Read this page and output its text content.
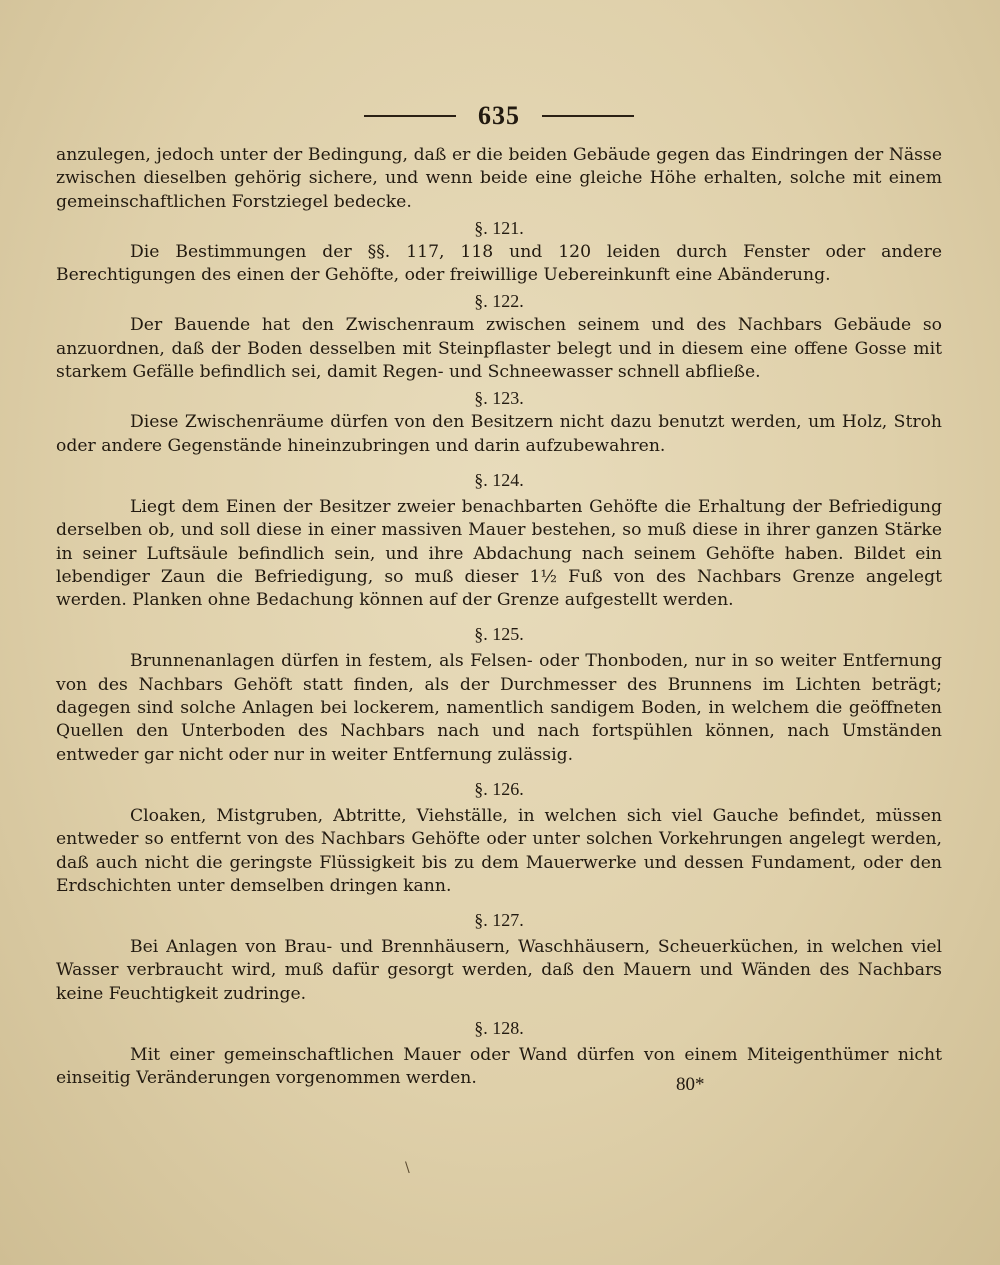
635

anzulegen, jedoch unter der Bedingung, daß er die beiden Gebäude gegen das Eindringen der Nässe zwischen dieselben gehörig sichere, und wenn beide eine gleiche Höhe erhalten, solche mit einem gemeinschaftlichen Forstziegel bedecke.

§. 121.

Die Bestimmungen der §§. 117, 118 und 120 leiden durch Fenster oder andere Berechtigungen des einen der Gehöfte, oder freiwillige Uebereinkunft eine Abänderung.

§. 122.

Der Bauende hat den Zwischenraum zwischen seinem und des Nachbars Gebäude so anzuordnen, daß der Boden desselben mit Steinpflaster belegt und in diesem eine offene Gosse mit starkem Gefälle befindlich sei, damit Regen- und Schneewasser schnell abfließe.

§. 123.

Diese Zwischenräume dürfen von den Besitzern nicht dazu benutzt werden, um Holz, Stroh oder andere Gegenstände hineinzubringen und darin aufzubewahren.

§. 124.

Liegt dem Einen der Besitzer zweier benachbarten Gehöfte die Erhaltung der Befriedigung derselben ob, und soll diese in einer massiven Mauer bestehen, so muß diese in ihrer ganzen Stärke in seiner Luftsäule befindlich sein, und ihre Abdachung nach seinem Gehöfte haben. Bildet ein lebendiger Zaun die Befriedigung, so muß dieser 1½ Fuß von des Nachbars Grenze angelegt werden. Planken ohne Bedachung können auf der Grenze aufgestellt werden.

§. 125.

Brunnenanlagen dürfen in festem, als Felsen- oder Thonboden, nur in so weiter Entfernung von des Nachbars Gehöft statt finden, als der Durchmesser des Brunnens im Lichten beträgt; dagegen sind solche Anlagen bei lockerem, namentlich sandigem Boden, in welchem die geöffneten Quellen den Unterboden des Nachbars nach und nach fortspühlen können, nach Umständen entweder gar nicht oder nur in weiter Entfernung zulässig.

§. 126.

Cloaken, Mistgruben, Abtritte, Viehställe, in welchen sich viel Gauche befindet, müssen entweder so entfernt von des Nachbars Gehöfte oder unter solchen Vorkehrungen angelegt werden, daß auch nicht die geringste Flüssigkeit bis zu dem Mauerwerke und dessen Fundament, oder den Erdschichten unter demselben dringen kann.

§. 127.

Bei Anlagen von Brau- und Brennhäusern, Waschhäusern, Scheuerküchen, in welchen viel Wasser verbraucht wird, muß dafür gesorgt werden, daß den Mauern und Wänden des Nachbars keine Feuchtigkeit zudringe.

§. 128.

Mit einer gemeinschaftlichen Mauer oder Wand dürfen von einem Miteigenthümer nicht einseitig Veränderungen vorgenommen werden.	80*
\
